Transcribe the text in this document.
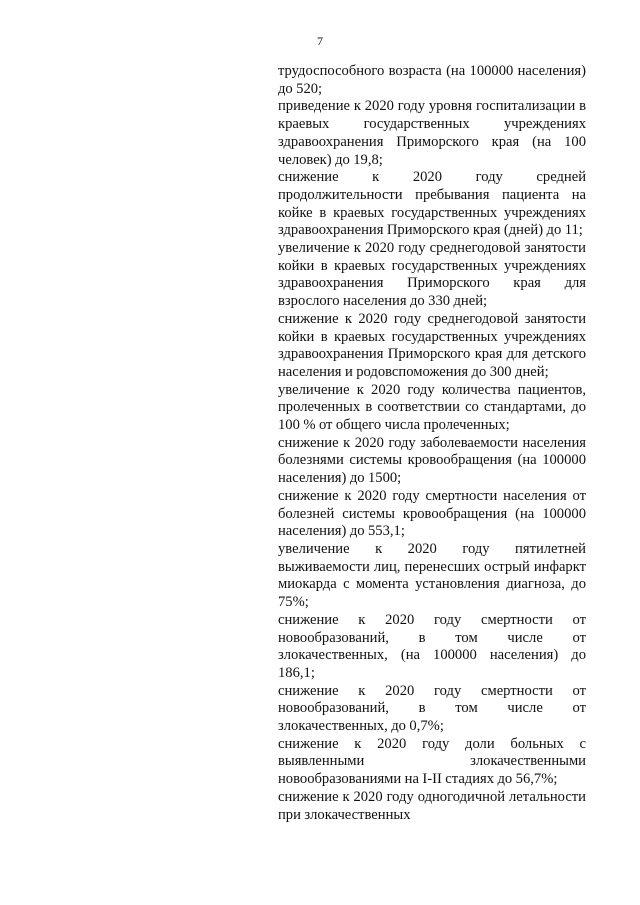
7

трудоспособного возраста (на 100000 населения) до 520;

приведение к 2020 году уровня госпитализации в краевых государственных учреждениях здравоохранения Приморского края (на 100 человек) до 19,8;

снижение к 2020 году средней продолжительности пребывания пациента на койке в краевых государственных учреждениях здравоохранения Приморского края (дней) до 11;

увеличение к 2020 году среднегодовой занятости койки в краевых государственных учреждениях здравоохранения Приморского края для взрослого населения до 330 дней;

снижение к 2020 году среднегодовой занятости койки в краевых государственных учреждениях здравоохранения Приморского края для детского населения и родовспоможения до 300 дней;

увеличение к 2020 году количества пациентов, пролеченных в соответствии со стандартами, до 100 % от общего числа пролеченных;

снижение к 2020 году заболеваемости населения болезнями системы кровообращения (на 100000 населения) до 1500;

снижение к 2020 году смертности населения от болезней системы кровообращения (на 100000 населения) до 553,1;

увеличение к 2020 году пятилетней выживаемости лиц, перенесших острый инфаркт миокарда с момента установления диагноза, до 75%;

снижение к 2020 году смертности от новообразований, в том числе от злокачественных, (на 100000 населения) до 186,1;

снижение к 2020 году смертности от новообразований, в том числе от злокачественных, до 0,7%;

снижение к 2020 году доли больных с выявленными злокачественными новообразованиями на I-II стадиях до 56,7%;

снижение к 2020 году одногодичной летальности при злокачественных
